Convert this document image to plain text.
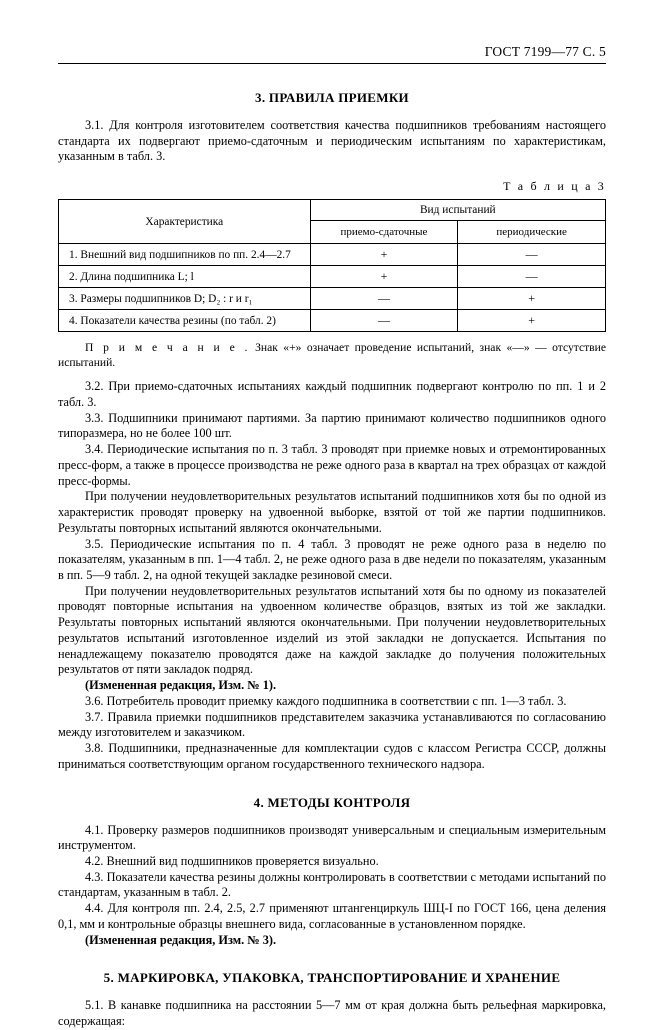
ГОСТ 7199—77 С. 5
3. ПРАВИЛА ПРИЕМКИ

3.1. Для контроля изготовителем соответствия качества подшипников требованиям настоящего стандарта их подвергают приемо-сдаточным и периодическим испытаниям по характеристикам, указанным в табл. 3.

Т а б л и ц а 3
Характеристика	Вид испытаний	
	приемо-сдаточные	периодические
1. Внешний вид подшипников по пп. 2.4—2.7	+	—
2. Длина подшипника L; l	+	—
3. Размеры подшипников D; D₂ : r и r₁	—	+
4. Показатели качества резины (по табл. 2)	—	+
П р и м е ч а н и е . Знак «+» означает проведение испытаний, знак «—» — отсутствие испытаний.

3.2. При приемо-сдаточных испытаниях каждый подшипник подвергают контролю по пп. 1 и 2 табл. 3.

3.3. Подшипники принимают партиями. За партию принимают количество подшипников одного типоразмера, но не более 100 шт.

3.4. Периодические испытания по п. 3 табл. 3 проводят при приемке новых и отремонтированных пресс-форм, а также в процессе производства не реже одного раза в квартал на трех образцах от каждой пресс-формы.

При получении неудовлетворительных результатов испытаний подшипников хотя бы по одной из характеристик проводят проверку на удвоенной выборке, взятой от той же партии подшипников. Результаты повторных испытаний являются окончательными.

3.5. Периодические испытания по п. 4 табл. 3 проводят не реже одного раза в неделю по показателям, указанным в пп. 1—4 табл. 2, не реже одного раза в две недели по показателям, указанным в пп. 5—9 табл. 2, на одной текущей закладке резиновой смеси.

При получении неудовлетворительных результатов испытаний хотя бы по одному из показателей проводят повторные испытания на удвоенном количестве образцов, взятых из той же закладки. Результаты повторных испытаний являются окончательными. При получении неудовлетворительных результатов испытаний изготовленное изделий из этой закладки не допускается. Испытания по ненадлежащему показателю проводятся даже на каждой закладке до получения положительных результатов от пяти закладок подряд.

(Измененная редакция, Изм. № 1).

3.6. Потребитель проводит приемку каждого подшипника в соответствии с пп. 1—3 табл. 3.

3.7. Правила приемки подшипников представителем заказчика устанавливаются по согласованию между изготовителем и заказчиком.

3.8. Подшипники, предназначенные для комплектации судов с классом Регистра СССР, должны приниматься соответствующим органом государственного технического надзора.

4. МЕТОДЫ КОНТРОЛЯ

4.1. Проверку размеров подшипников производят универсальным и специальным измерительным инструментом.

4.2. Внешний вид подшипников проверяется визуально.

4.3. Показатели качества резины должны контролировать в соответствии с методами испытаний по стандартам, указанным в табл. 2.

4.4. Для контроля пп. 2.4, 2.5, 2.7 применяют штангенциркуль ШЦ-I по ГОСТ 166, цена деления 0,1, мм и контрольные образцы внешнего вида, согласованные в установленном порядке.

(Измененная редакция, Изм. № 3).

5. МАРКИРОВКА, УПАКОВКА, ТРАНСПОРТИРОВАНИЕ И ХРАНЕНИЕ

5.1. В канавке подшипника на расстоянии 5—7 мм от края должна быть рельефная маркировка, содержащая:
